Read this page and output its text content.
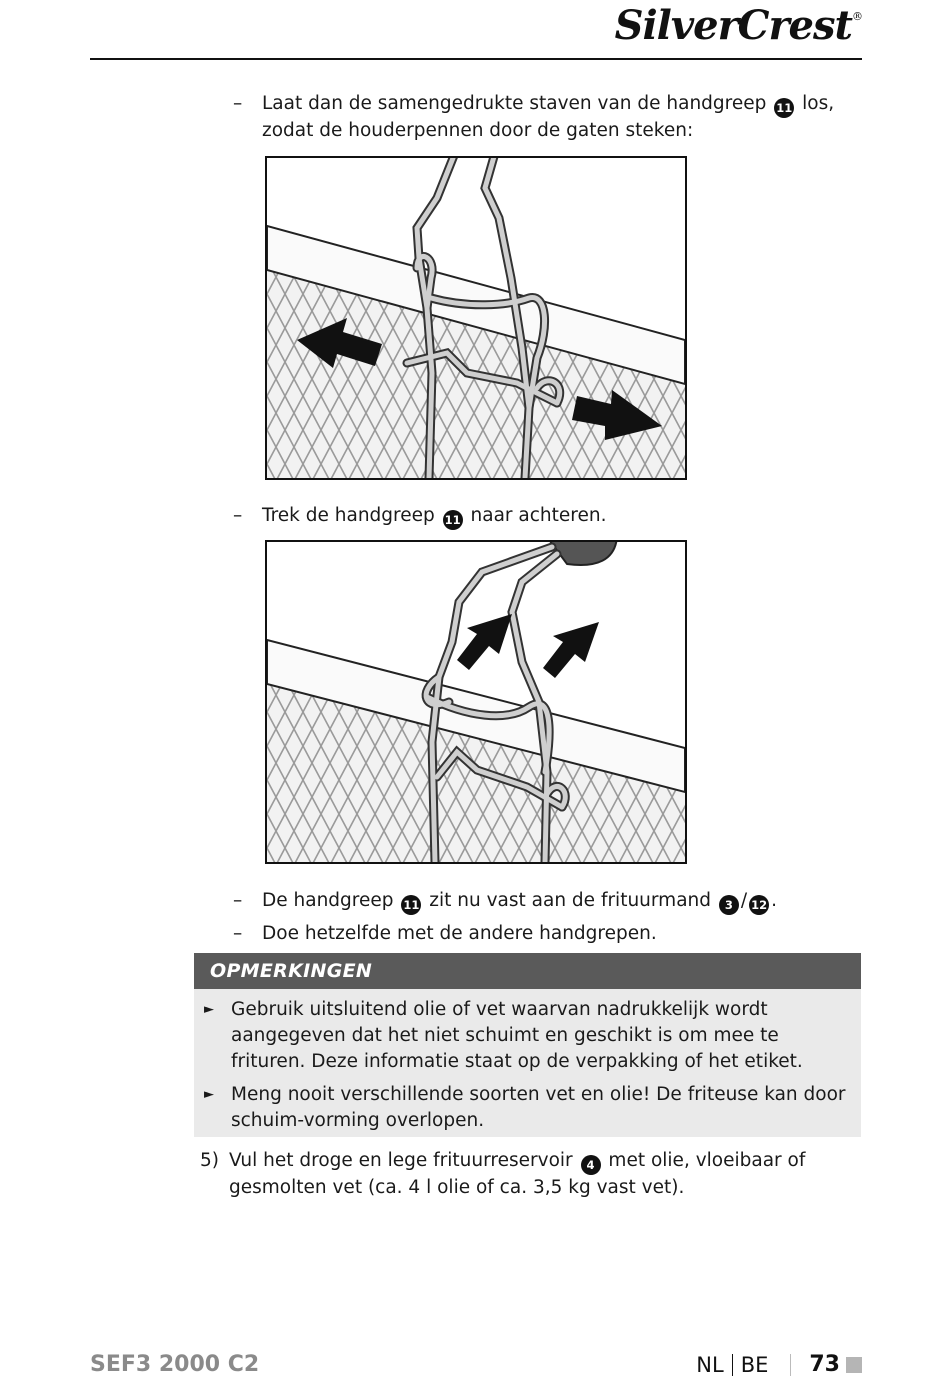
SilverCrest®
– Laat dan de samengedrukte staven van de handgreep 11 los, zodat de houderpennen door de gaten steken:
– Trek de handgreep 11 naar achteren.
– De handgreep 11 zit nu vast aan de frituurmand 3 / 12 .
– Doe hetzelfde met de andere handgrepen.
OPMERKINGEN
► Gebruik uitsluitend olie of vet waarvan nadrukkelijk wordt aangegeven dat het niet schuimt en geschikt is om mee te frituren. Deze informatie staat op de verpakking of het etiket.
► Meng nooit verschillende soorten vet en olie! De friteuse kan door schuim-vorming overlopen.
5) Vul het droge en lege frituurreservoir 4 met olie, vloeibaar of gesmolten vet (ca. 4 l olie of ca. 3,5 kg vast vet).
SEF3 2000 C2	NL BE 73
